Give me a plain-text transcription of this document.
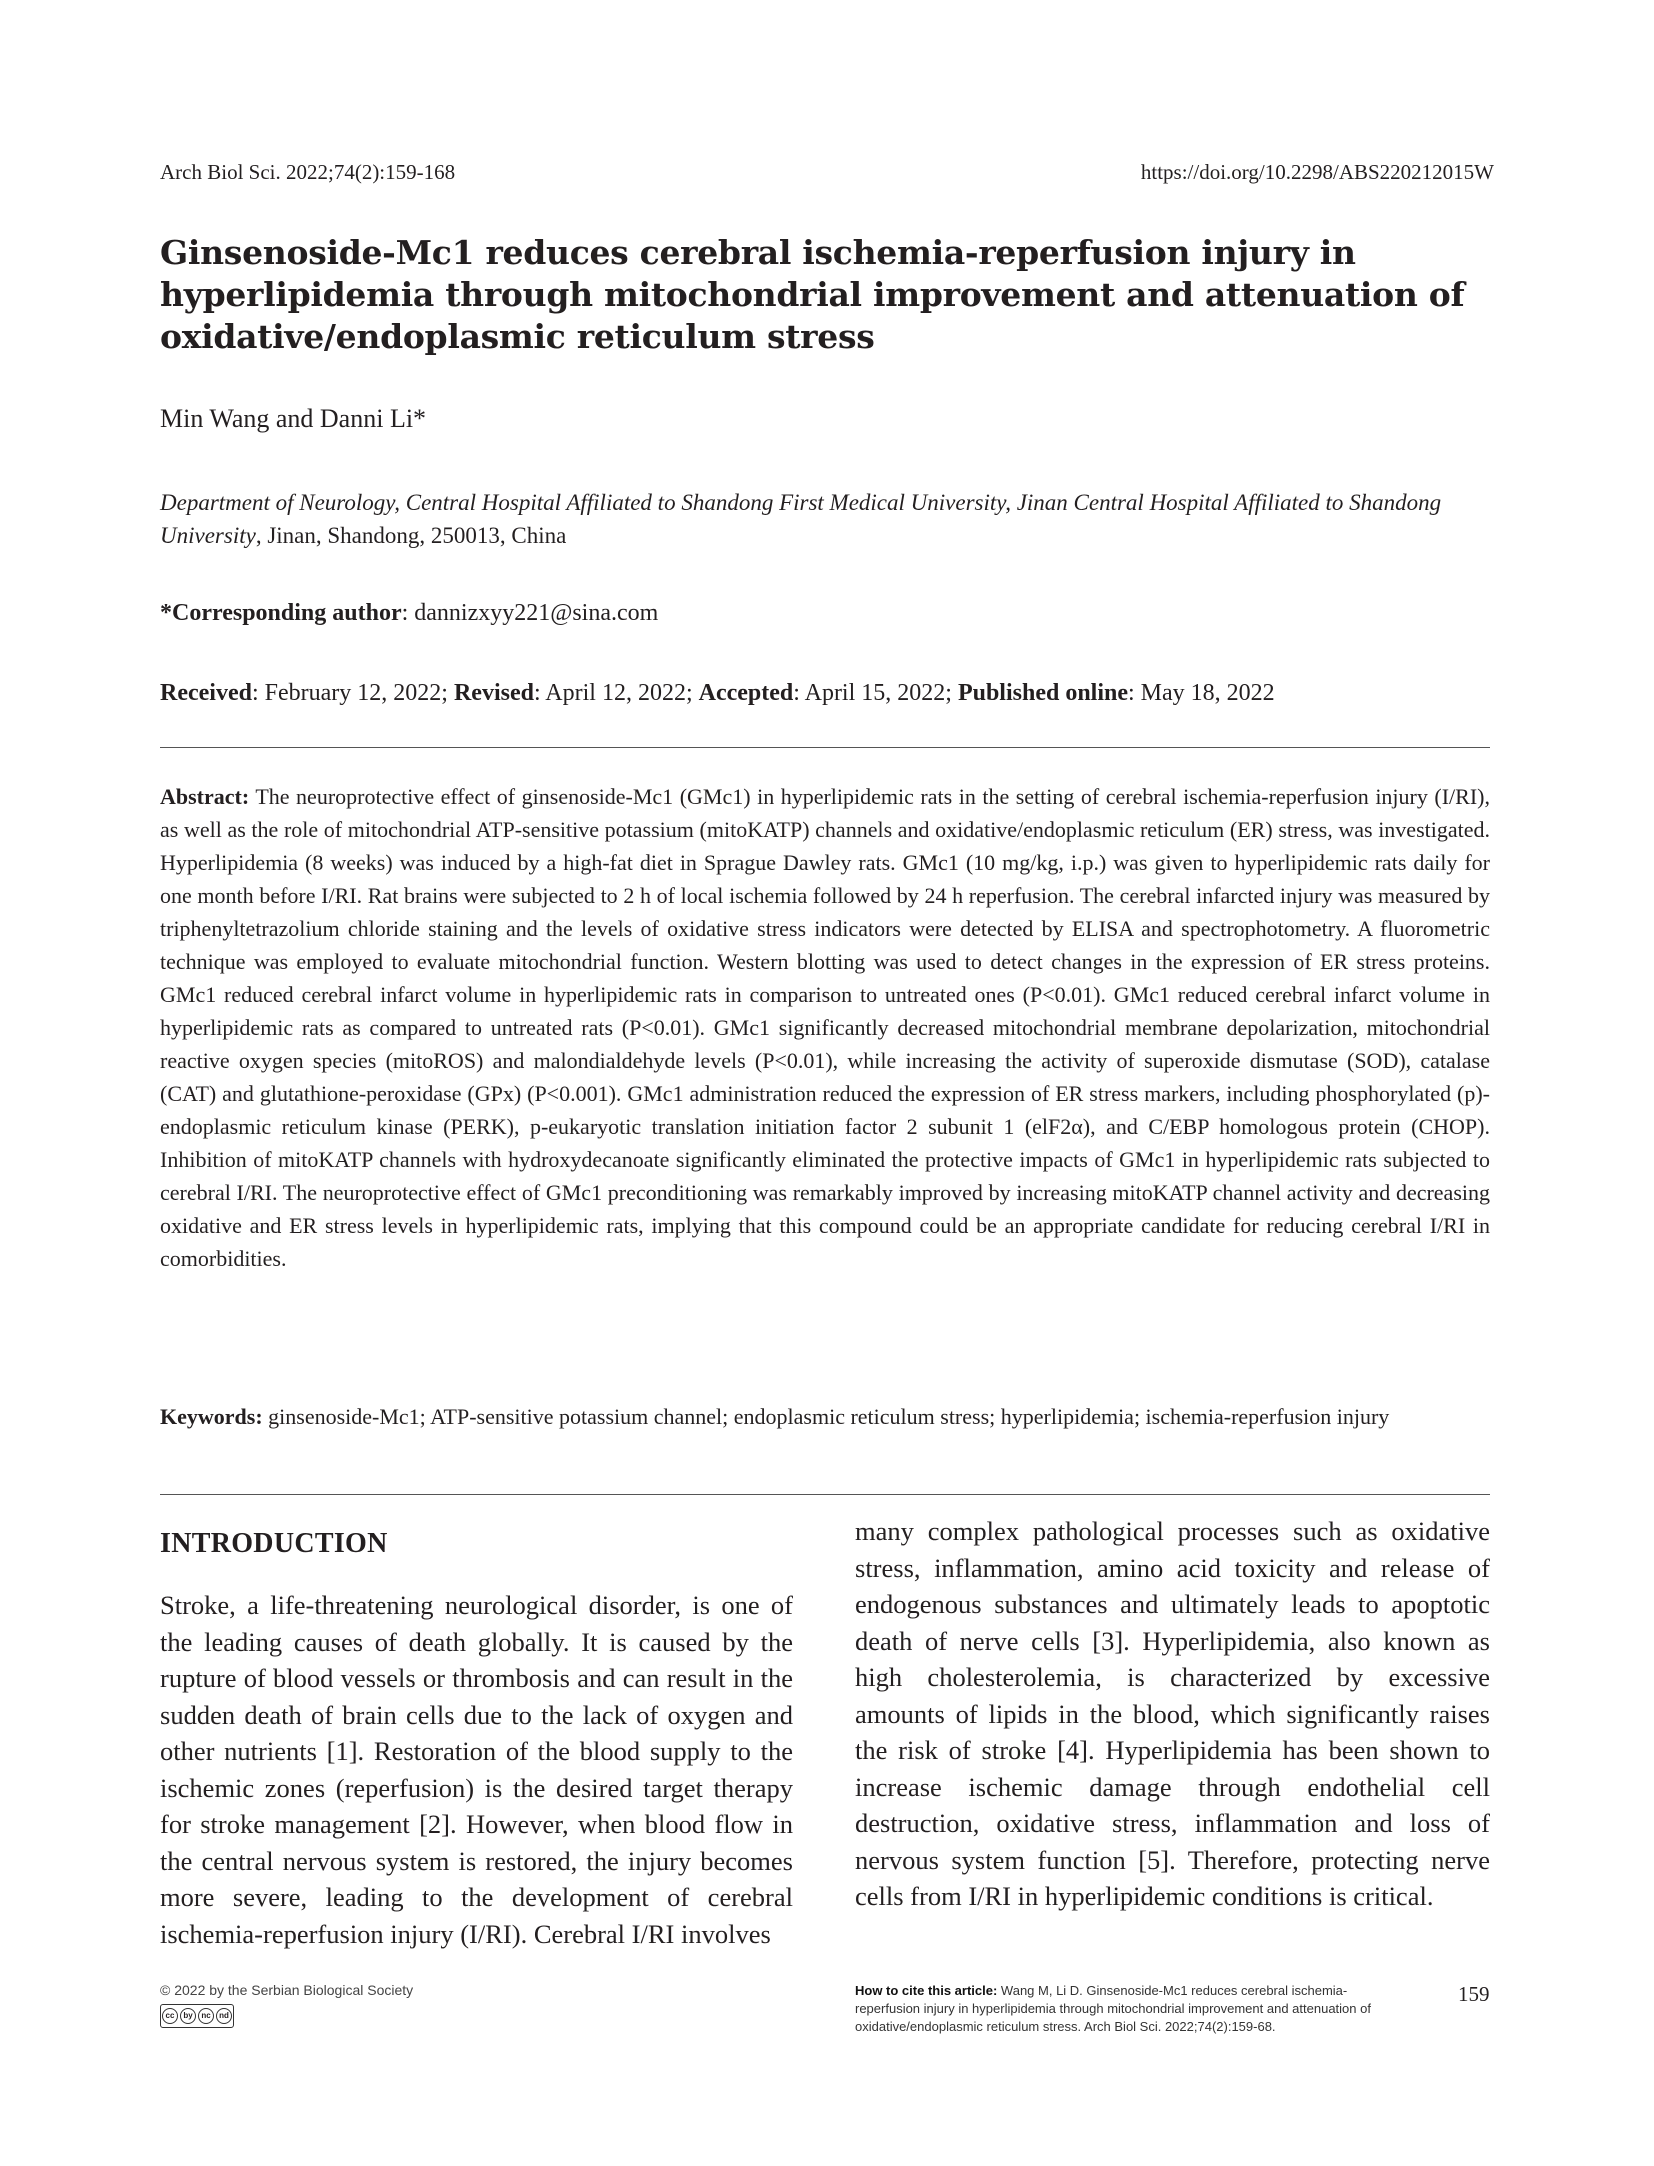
Arch Biol Sci. 2022;74(2):159-168	https://doi.org/10.2298/ABS220212015W
Ginsenoside-Mc1 reduces cerebral ischemia-reperfusion injury in hyperlipidemia through mitochondrial improvement and attenuation of oxidative/endoplasmic reticulum stress
Min Wang and Danni Li*
Department of Neurology, Central Hospital Affiliated to Shandong First Medical University, Jinan Central Hospital Affiliated to Shandong University, Jinan, Shandong, 250013, China
*Corresponding author: dannizxyy221@sina.com
Received: February 12, 2022; Revised: April 12, 2022; Accepted: April 15, 2022; Published online: May 18, 2022
Abstract: The neuroprotective effect of ginsenoside-Mc1 (GMc1) in hyperlipidemic rats in the setting of cerebral ischemia-reperfusion injury (I/RI), as well as the role of mitochondrial ATP-sensitive potassium (mitoKATP) channels and oxidative/endoplasmic reticulum (ER) stress, was investigated. Hyperlipidemia (8 weeks) was induced by a high-fat diet in Sprague Dawley rats. GMc1 (10 mg/kg, i.p.) was given to hyperlipidemic rats daily for one month before I/RI. Rat brains were subjected to 2 h of local ischemia followed by 24 h reperfusion. The cerebral infarcted injury was measured by triphenyltetrazolium chloride staining and the levels of oxidative stress indicators were detected by ELISA and spectrophotometry. A fluorometric technique was employed to evaluate mitochondrial function. Western blotting was used to detect changes in the expression of ER stress proteins. GMc1 reduced cerebral infarct volume in hyperlipidemic rats in comparison to untreated ones (P<0.01). GMc1 reduced cerebral infarct volume in hyperlipidemic rats as compared to untreated rats (P<0.01). GMc1 significantly decreased mitochondrial membrane depolarization, mitochondrial reactive oxygen species (mitoROS) and malondialdehyde levels (P<0.01), while increasing the activity of superoxide dismutase (SOD), catalase (CAT) and glutathione-peroxidase (GPx) (P<0.001). GMc1 administration reduced the expression of ER stress markers, including phosphorylated (p)-endoplasmic reticulum kinase (PERK), p-eukaryotic translation initiation factor 2 subunit 1 (elF2α), and C/EBP homologous protein (CHOP). Inhibition of mitoKATP channels with hydroxydecanoate significantly eliminated the protective impacts of GMc1 in hyperlipidemic rats subjected to cerebral I/RI. The neuroprotective effect of GMc1 preconditioning was remarkably improved by increasing mitoKATP channel activity and decreasing oxidative and ER stress levels in hyperlipidemic rats, implying that this compound could be an appropriate candidate for reducing cerebral I/RI in comorbidities.
Keywords: ginsenoside-Mc1; ATP-sensitive potassium channel; endoplasmic reticulum stress; hyperlipidemia; ischemia-reperfusion injury
INTRODUCTION
Stroke, a life-threatening neurological disorder, is one of the leading causes of death globally. It is caused by the rupture of blood vessels or thrombosis and can result in the sudden death of brain cells due to the lack of oxygen and other nutrients [1]. Restoration of the blood supply to the ischemic zones (reperfusion) is the desired target therapy for stroke management [2]. However, when blood flow in the central nervous system is restored, the injury becomes more severe, leading to the development of cerebral ischemia-reperfusion injury (I/RI). Cerebral I/RI involves
many complex pathological processes such as oxidative stress, inflammation, amino acid toxicity and release of endogenous substances and ultimately leads to apoptotic death of nerve cells [3]. Hyperlipidemia, also known as high cholesterolemia, is characterized by excessive amounts of lipids in the blood, which significantly raises the risk of stroke [4]. Hyperlipidemia has been shown to increase ischemic damage through endothelial cell destruction, oxidative stress, inflammation and loss of nervous system function [5]. Therefore, protecting nerve cells from I/RI in hyperlipidemic conditions is critical.
© 2022 by the Serbian Biological Society
cc	by	nc	nd
How to cite this article: Wang M, Li D. Ginsenoside-Mc1 reduces cerebral ischemia-reperfusion injury in hyperlipidemia through mitochondrial improvement and attenuation of oxidative/endoplasmic reticulum stress. Arch Biol Sci. 2022;74(2):159-68.
159
